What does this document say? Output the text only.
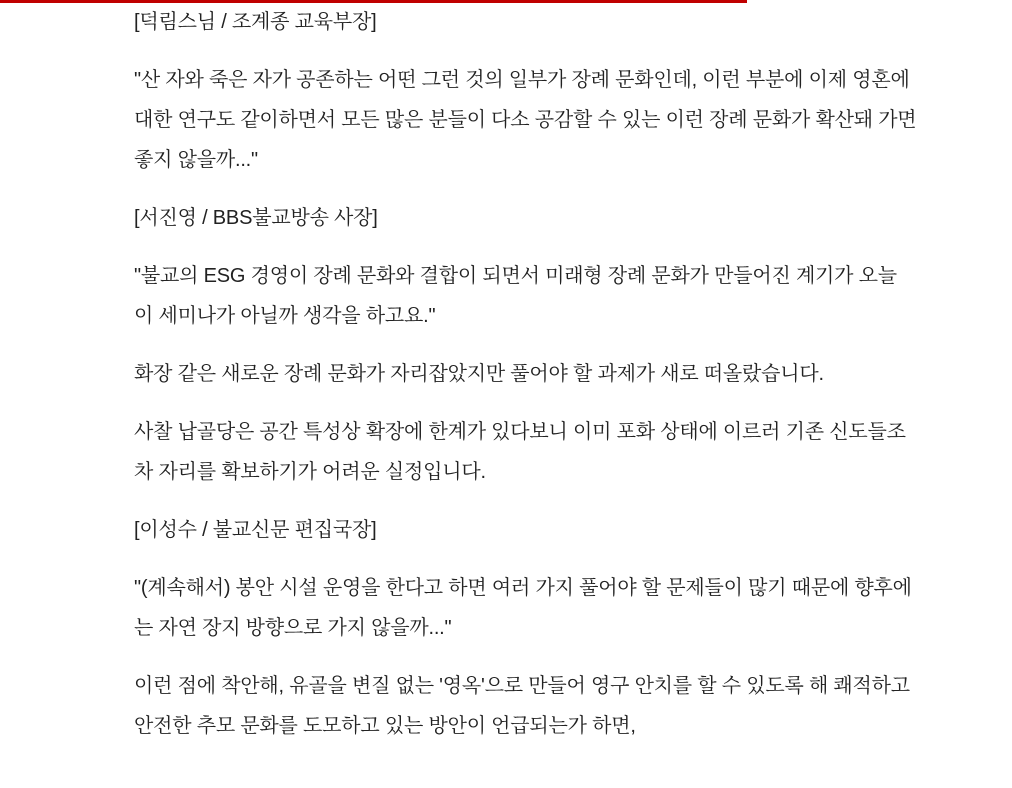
[덕림스님 / 조계종 교육부장]

"산 자와 죽은 자가 공존하는 어떤 그런 것의 일부가 장례 문화인데, 이런 부분에 이제 영혼에
대한 연구도 같이하면서 모든 많은 분들이 다소 공감할 수 있는 이런 장례 문화가 확산돼 가면
좋지 않을까..."

[서진영 / BBS불교방송 사장]

"불교의 ESG 경영이 장례 문화와 결합이 되면서 미래형 장례 문화가 만들어진 계기가 오늘
이 세미나가 아닐까 생각을 하고요."

화장 같은 새로운 장례 문화가 자리잡았지만 풀어야 할 과제가 새로 떠올랐습니다.

사찰 납골당은 공간 특성상 확장에 한계가 있다보니 이미 포화 상태에 이르러 기존 신도들조
차 자리를 확보하기가 어려운 실정입니다.

[이성수 / 불교신문 편집국장]

"(계속해서) 봉안 시설 운영을 한다고 하면 여러 가지 풀어야 할 문제들이 많기 때문에 향후에
는 자연 장지 방향으로 가지 않을까..."

이런 점에 착안해, 유골을 변질 없는 '영옥'으로 만들어 영구 안치를 할 수 있도록 해 쾌적하고
안전한 추모 문화를 도모하고 있는 방안이 언급되는가 하면,
